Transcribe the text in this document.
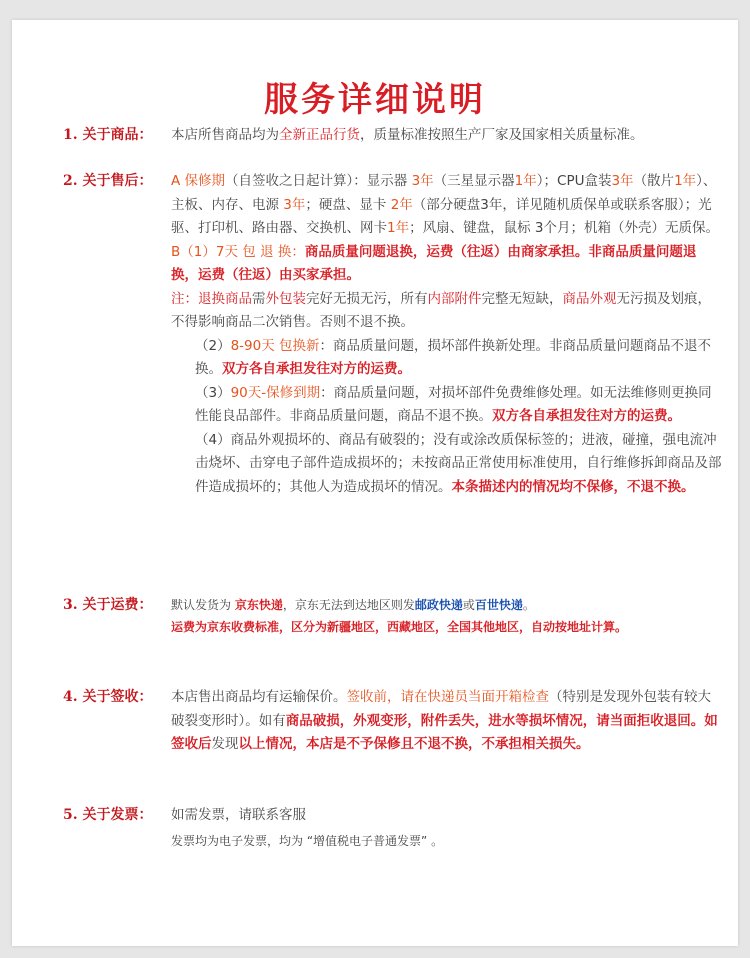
服务详细说明
1. 关于商品： 本店所售商品均为全新正品行货，质量标准按照生产厂家及国家相关质量标准。
2. 关于售后： A 保修期（自签收之日起计算）：显示器 3年（三星显示器1年）；CPU盒装3年（散片1年）、主板、内存、电源 3年；硬盘、显卡 2年（部分硬盘3年，详见随机质保单或联系客服）；光驱、打印机、路由器、交换机、网卡1年；风扇、键盘，鼠标 3个月；机箱（外壳）无质保。
B（1）7天 包 退 换：商品质量问题退换，运费（往返）由商家承担。非商品质量问题退换，运费（往返）由买家承担。
注：退换商品需外包装完好无损无污，所有内部附件完整无短缺，商品外观无污损及划痕，不得影响商品二次销售。否则不退不换。
（2）8-90天 包换新：商品质量问题，损坏部件换新处理。非商品质量问题商品不退不换。双方各自承担发往对方的运费。
（3）90天-保修到期：商品质量问题，对损坏部件免费维修处理。如无法维修则更换同性能良品部件。非商品质量问题，商品不退不换。双方各自承担发往对方的运费。
（4）商品外观损坏的、商品有破裂的；没有或涂改质保标签的；进液，碰撞，强电流冲击烧坏、击穿电子部件造成损坏的；未按商品正常使用标准使用，自行维修拆卸商品及部件造成损坏的；其他人为造成损坏的情况。本条描述内的情况均不保修，不退不换。
3. 关于运费： 默认发货为 京东快递，京东无法到达地区则发邮政快递或百世快递。
运费为京东收费标准，区分为新疆地区，西藏地区，全国其他地区，自动按地址计算。
4. 关于签收： 本店售出商品均有运输保价。签收前，请在快递员当面开箱检查（特别是发现外包装有较大破裂变形时）。如有商品破损，外观变形，附件丢失，进水等损坏情况，请当面拒收退回。如签收后发现以上情况，本店是不予保修且不退不换，不承担相关损失。
5. 关于发票： 如需发票，请联系客服
发票均为电子发票，均为 “增值税电子普通发票” 。
